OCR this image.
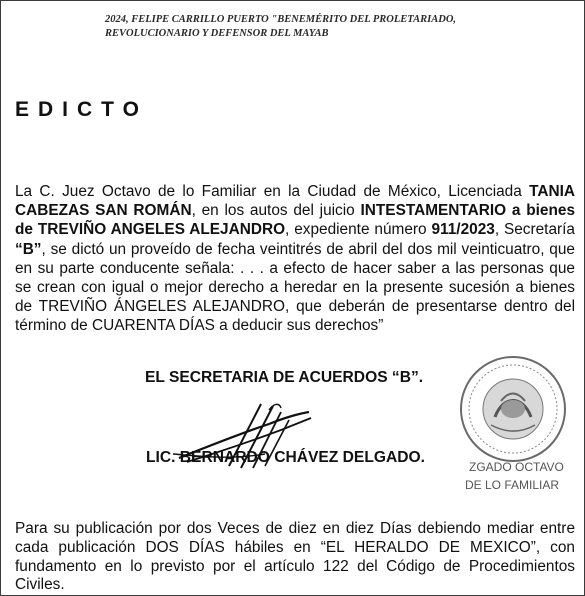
2024, FELIPE CARRILLO PUERTO "BENEMÉRITO DEL PROLETARIADO,
REVOLUCIONARIO Y DEFENSOR DEL MAYAB
EDICTO
La C. Juez Octavo de lo Familiar en la Ciudad de México, Licenciada TANIA CABEZAS SAN ROMÁN, en los autos del juicio INTESTAMENTARIO a bienes de TREVIÑO ANGELES ALEJANDRO, expediente número 911/2023, Secretaría “B”, se dictó un proveído de fecha veintitrés de abril del dos mil veinticuatro, que en su parte conducente señala: . . . a efecto de hacer saber a las personas que se crean con igual o mejor derecho a heredar en la presente sucesión a bienes de TREVIÑO ÁNGELES ALEJANDRO, que deberán de presentarse dentro del término de CUARENTA DÍAS a deducir sus derechos”
EL SECRETARIA DE ACUERDOS “B”.
LIC. BERNARDO CHÁVEZ DELGADO.
ZGADO OCTAVO
DE LO FAMILIAR
Para su publicación por dos Veces de diez en diez Días debiendo mediar entre cada publicación DOS DÍAS hábiles en “EL HERALDO DE MEXICO”, con fundamento en lo previsto por el artículo 122 del Código de Procedimientos Civiles.
